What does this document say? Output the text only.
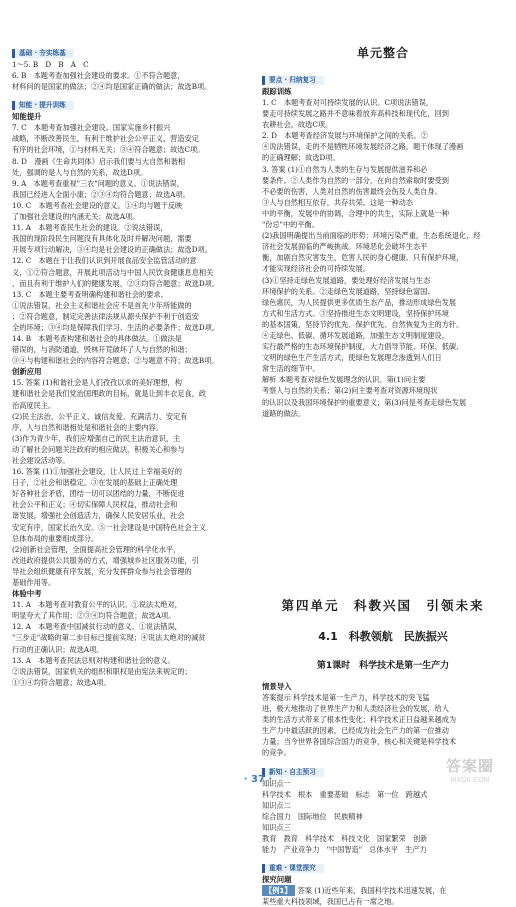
基础 · 夯实练基

1～5. B　D　B　A　C

6. B　本题考查加强社会建设的要求。①不符合题意，

材料问的是国家的做法；②④均是国家正确的做法；故选B项。

知能 · 提升训练
知能提升

7. C　本题考查加强社会建设。国家实施乡村振兴

战略，不断改善民生，有利于维护社会公平正义，营造安定

有序的社会环境，①与材料无关；③④符合题意；故选C项。

8. D　漫画《生命共同体》启示我们要与大自然和谐相

处，强调的是人与自然的关系，故选D项。

9. A　本题考查重视"三农"问题的意义。①说法错误，

我国已经进入全面小康；②③④均符合题意；故选A项。

10. C　本题考查社会建设的意义。①④均与题干反映

了加强社会建设的内涵无关；故选A项。

11. A　本题考查民生社会的建设。②说法错误，

我国的现阶段民生问题没有具体化及时并解决问题，需要

开展专项行动解决，③④均是社会建设的正确做法；故选D项。

12. C　本题在于让我们认识到开展食品安全监管活动的意

义，①②符合题意，开展此项活动与中国人民饮食健康息息相关

，而且有利于维护人们的健康发展，②③均符合题意；故选D项。

13. C　本题主要考查明确构建和谐社会的要求。

①说法错误，社会主义和谐社会应不是首先少年所能做的

；②符合题意，制定完善法律法规从源头保护不利于创造安

全的环境；③④均是保障我们学习、生活的必要条件；故选D项。

14. B　本题考查构建和谐社会的具体做法。①做法是

错误的，与消防通道，毁林开荒破坏了人与自然的和谐；

③④与构建和谐社会的内容符合题意；②与题意不符；故选B项。

创新应用

15. 答案 (1)和谐社会是人们孜孜以求的美好理想，构

建和谐社会是我们党治国理政的目标，就是让到丰衣足食，政

治高度民主。

(2)民主法治、公平正义、诚信友爱、充满活力、安定有

序，人与自然和谐相处是和谐社会的主要内容。

(3)作为青少年，我们应增强自己的民主法治意识，主

动了解社会问题关注政府的相应做法，积极关心和参与

社会建设活动等。

16. 答案 (1)①加强社会建设，让人民过上幸福美好的

日子，②社会和谐稳定。③在发展的基础上正确处理

好各种社会矛盾，团结一切可以团结的力量，不断促进

社会公平和正义；④切实保障人民权益，推动社会和

谐发展，增强社会创造活力，确保人民安居乐业，社会

安定有序，国家长治久安。⑤一社会建设是中国特色社会主义

总体布局的重要组成部分。

(2)创新社会管理，全面提高社会管理的科学化水平，

改进政府提供公共服务的方式，增强城乡社区服务功能，引

导社会组织健康有序发展，充分发挥群众参与社会管理的

基础作用等。

体验中考

11. A　本题考查对教育公平的认识。①说法太绝对，

明显夸大了其作用；②③④均符合题意；故选A项。

12. A　本题考查中国减贫行动的意义。①说法错误，

"三步走"战略的第二步目标已提前实现；④说法太绝对的减贫

行动的正确认识；故选A项。

13. A　本题考查民法总则对构建和谐社会的意义。

②说法错误，国家机关的组织和职权是由宪法来规定的；

①③④均符合题意；故选A项。

单元整合
要点 · 归纳复习
跟踪训练

1. C　本题考查对可持续发展的认识。C项说法错误，

要走可持续发展之路并不意味着放弃高科技和现代化，回到

农耕社会。故选C项。

2. D　本题考查经济发展与环境保护之间的关系。②

④说法错误，走的不是牺牲环境发展经济之路，题干体现了漫画

的正确理解；故选D项。

3. 答案 (1)①自然为人类的生存与发展提供滋养和必

要条件。②人类作为自然的一部分，在向自然索取时要受到

不必要的伤害，人类对自然的伤害最终会伤及人类自身。

③人与自然相互依存，共存共荣。这是一种动态

中的平衡，发展中的协调，合理中的共生，实际上就是一种

"份忌"中的平衡。

(2)我国明确提出当前面临的形势：环境污染严重，生态系统退化，经

济社会发展面临的严峻挑战。环境恶化会破坏生态平

衡，加剧自然灾害发生，危害人民的身心健康。只有保护环境，

才能实现经济社会的可持续发展。

(3)①坚持走绿色发展道路，要处理好经济发展与生态

环境保护的关系。②走绿色发展道路，坚持绿色富国、

绿色惠民，为人民提供更多优质生态产品，推动形成绿色发展

方式和生活方式。③坚持推进生态文明建设，坚持保护环境

的基本国策，坚持节约优先、保护优先、自然恢复为主的方针。

④走绿色、低碳、循环发展道路，加强生态文明制度建设，

实行最严格的生态环境保护制度，大力倡导节能、环保、低碳、

文明的绿色生产生活方式，使绿色发展理念渗透到人们日

常生活的细节中。

解析 本题考查对绿色发展理念的认识。第(1)问主要

考察人与自然的关系；第(2)问主要考查对资源环境现状

的认识以及我国环境保护的重要意义；第(3)问是考查走绿色发展

道路的做法。

第四单元　科教兴国　引领未来
4.1　科教领航　民族振兴
第1课时　科学技术是第一生产力
情景导入

答案提示 科学技术是第一生产力，科学技术的突飞猛

进，极大地推动了世界生产力和人类经济社会的发展，给人

类的生活方式带来了根本性变化；科学技术正日益越来越成为

生产力中最活跃的因素，已经成为社会生产力的第一位推动

力量；当今世界各国综合国力的竞争，核心和关键是科学技术

的竞争。

新知 · 自主预习

知识点一

科学技术　根本　重要基础　标志　第一位　跨越式

知识点二

综合国力　国际地位　民族精神

知识点三

教育　教育　科学技术　科技文化　国家繁荣　创新

能力　产业竞争力　"中国智造"　总体水平　生产力

重难 · 课堂探究
探究问题
【例1】 答案 (1)近些年来，我国科学技术迅速发展，在
某些重大科技领域，我国已占有一席之地。
· 37 ·
答案圈
MXQE.COM
